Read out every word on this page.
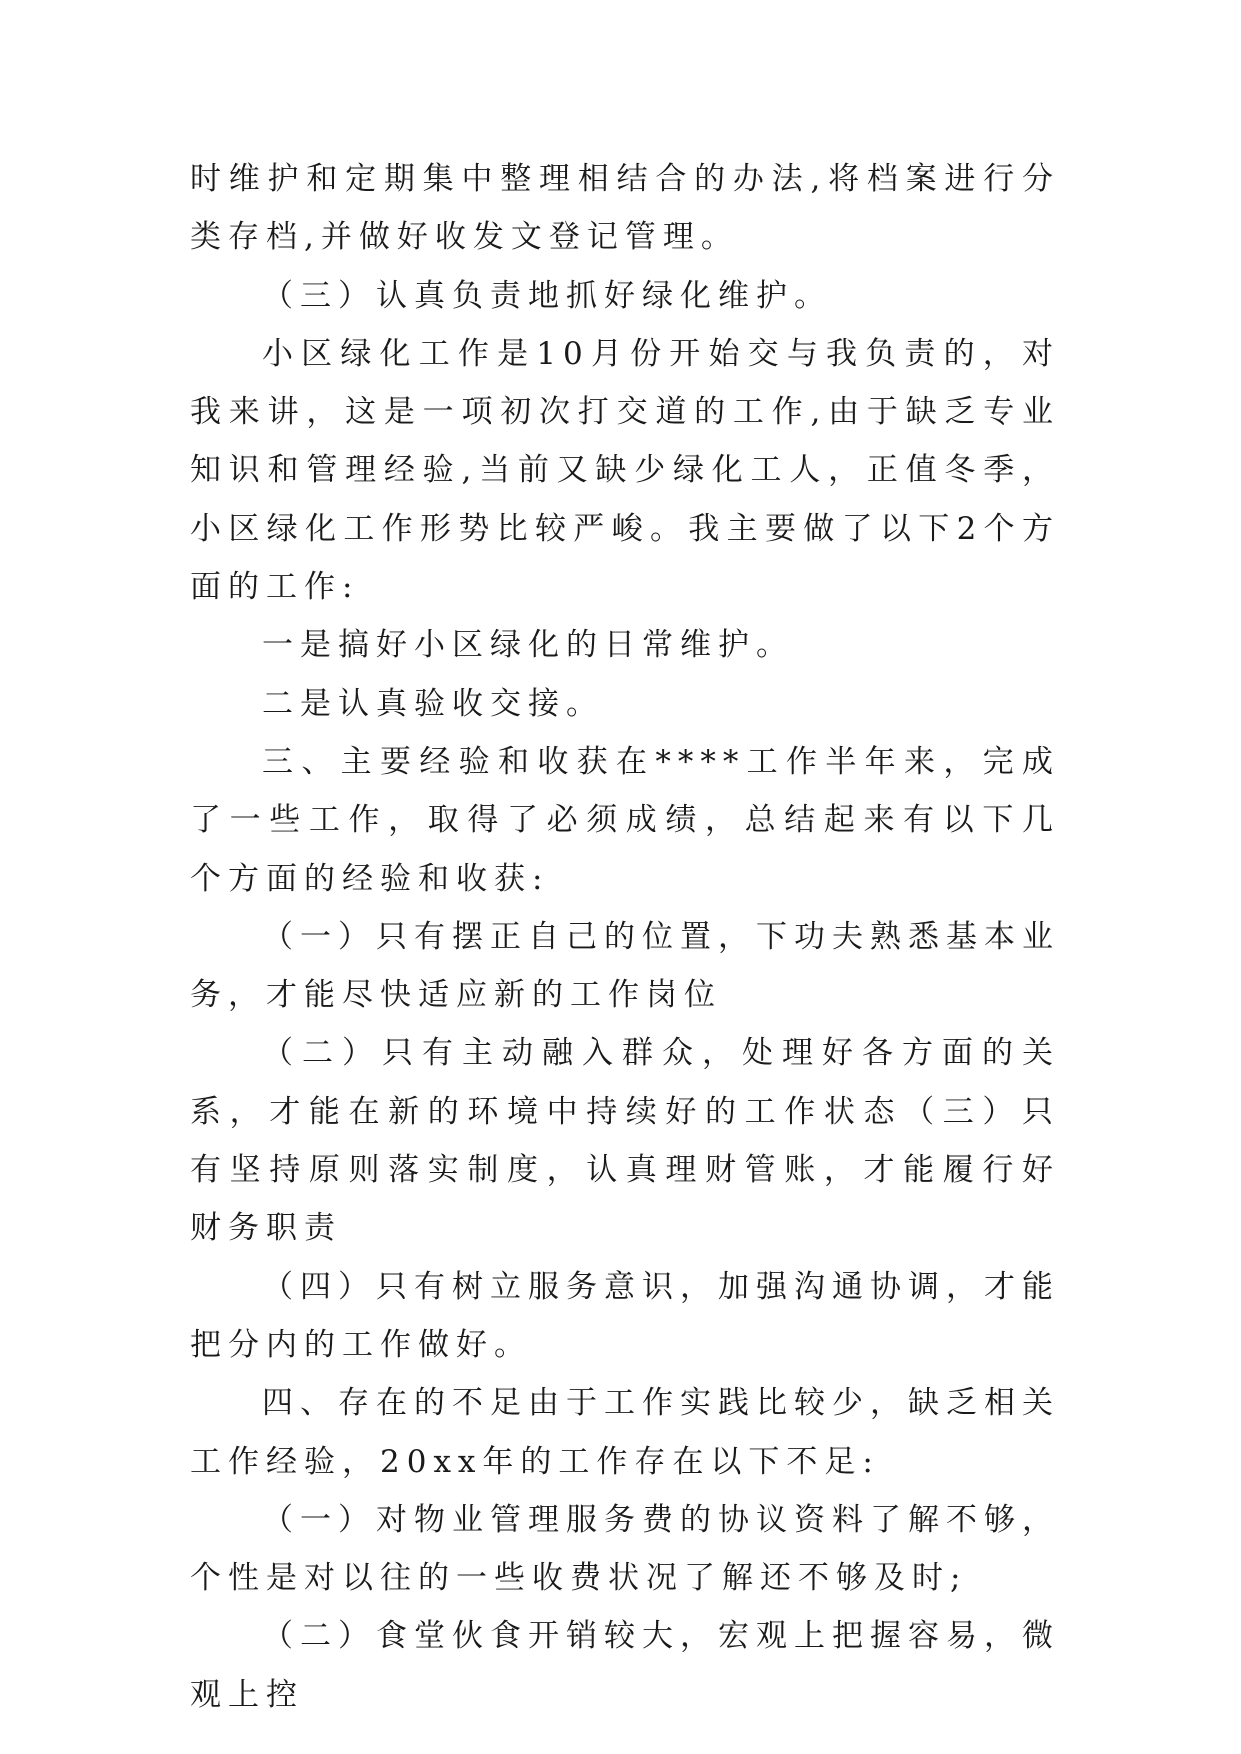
时维护和定期集中整理相结合的办法,将档案进行分类存档,并做好收发文登记管理。

（三）认真负责地抓好绿化维护。

小区绿化工作是10月份开始交与我负责的，对我来讲，这是一项初次打交道的工作,由于缺乏专业知识和管理经验,当前又缺少绿化工人，正值冬季，小区绿化工作形势比较严峻。我主要做了以下2个方面的工作:

一是搞好小区绿化的日常维护。

二是认真验收交接。

三、主要经验和收获在****工作半年来，完成了一些工作，取得了必须成绩，总结起来有以下几个方面的经验和收获:

（一）只有摆正自己的位置，下功夫熟悉基本业务，才能尽快适应新的工作岗位

（二）只有主动融入群众，处理好各方面的关系，才能在新的环境中持续好的工作状态（三）只有坚持原则落实制度，认真理财管账，才能履行好财务职责

（四）只有树立服务意识，加强沟通协调，才能把分内的工作做好。

四、存在的不足由于工作实践比较少，缺乏相关工作经验，20xx年的工作存在以下不足:

（一）对物业管理服务费的协议资料了解不够，个性是对以往的一些收费状况了解还不够及时;

（二）食堂伙食开销较大，宏观上把握容易，微观上控
